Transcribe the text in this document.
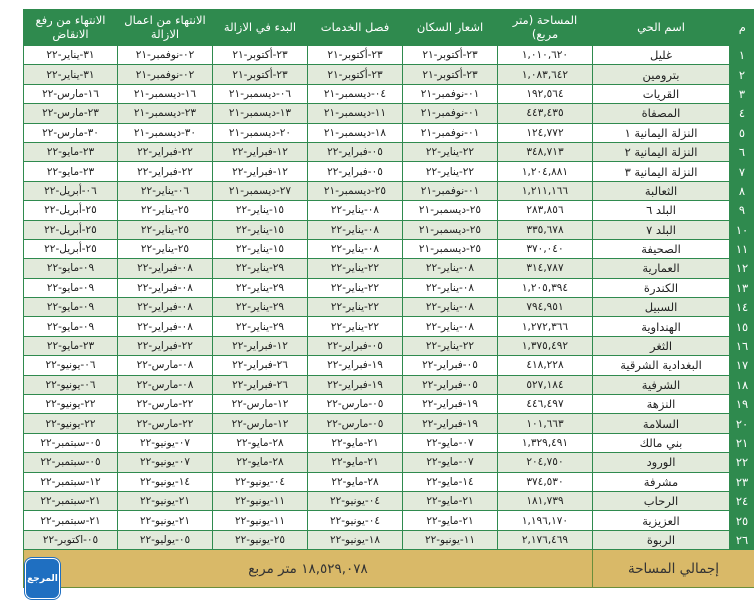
م	اسم الحي	المساحة (متر مربع)	اشعار السكان	فصل الخدمات	البدء في الازالة	الانتهاء من اعمال الازالة	الانتهاء من رفع الانقاض
١	غليل	١,٠١٠,٦٢٠	٢٣-أكتوبر-٢١	٢٣-أكتوبر-٢١	٢٣-أكتوبر-٢١	٠٢-نوفمبر-٢١	٣١-يناير-٢٢
٢	بترومين	١,٠٨٣,٦٤٢	٢٣-أكتوبر-٢١	٢٣-أكتوبر-٢١	٢٣-أكتوبر-٢١	٠٢-نوفمبر-٢١	٣١-يناير-٢٢
٣	القريات	١٩٢,٥٦٤	٠١-نوفمبر-٢١	٠٤-ديسمبر-٢١	٠٦-ديسمبر-٢١	١٦-ديسمبر-٢١	١٦-مارس-٢٢
٤	المصفاة	٤٤٣,٤٣٥	٠١-نوفمبر-٢١	١١-ديسمبر-٢١	١٣-ديسمبر-٢١	٢٣-ديسمبر-٢١	٢٣-مارس-٢٢
٥	النزلة اليمانية ١	١٢٤,٧٧٢	٠١-نوفمبر-٢١	١٨-ديسمبر-٢١	٢٠-ديسمبر-٢١	٣٠-ديسمبر-٢١	٣٠-مارس-٢٢
٦	النزلة اليمانية ٢	٣٤٨,٧١٣	٢٢-يناير-٢٢	٠٥-فبراير-٢٢	١٢-فبراير-٢٢	٢٢-فبراير-٢٢	٢٣-مايو-٢٢
٧	النزلة اليمانية ٣	١,٢٠٤,٨٨١	٢٢-يناير-٢٢	٠٥-فبراير-٢٢	١٢-فبراير-٢٢	٢٢-فبراير-٢٢	٢٣-مايو-٢٢
٨	الثعالبة	١,٢١١,١٦٦	٠١-نوفمبر-٢١	٢٥-ديسمبر-٢١	٢٧-ديسمبر-٢١	٠٦-يناير-٢٢	٠٦-أبريل-٢٢
٩	البلد ٦	٢٨٣,٨٥٦	٢٥-ديسمبر-٢١	٠٨-يناير-٢٢	١٥-يناير-٢٢	٢٥-يناير-٢٢	٢٥-أبريل-٢٢
١٠	البلد ٧	٣٣٥,٦٧٨	٢٥-ديسمبر-٢١	٠٨-يناير-٢٢	١٥-يناير-٢٢	٢٥-يناير-٢٢	٢٥-أبريل-٢٢
١١	الصحيفة	٣٧٠,٠٤٠	٢٥-ديسمبر-٢١	٠٨-يناير-٢٢	١٥-يناير-٢٢	٢٥-يناير-٢٢	٢٥-أبريل-٢٢
١٢	العمارية	٣١٤,٧٨٧	٠٨-يناير-٢٢	٢٢-يناير-٢٢	٢٩-يناير-٢٢	٠٨-فبراير-٢٢	٠٩-مايو-٢٢
١٣	الكندرة	١,٢٠٥,٣٩٤	٠٨-يناير-٢٢	٢٢-يناير-٢٢	٢٩-يناير-٢٢	٠٨-فبراير-٢٢	٠٩-مايو-٢٢
١٤	السبيل	٧٩٤,٩٥١	٠٨-يناير-٢٢	٢٢-يناير-٢٢	٢٩-يناير-٢٢	٠٨-فبراير-٢٢	٠٩-مايو-٢٢
١٥	الهنداوية	١,٢٧٢,٣٦٦	٠٨-يناير-٢٢	٢٢-يناير-٢٢	٢٩-يناير-٢٢	٠٨-فبراير-٢٢	٠٩-مايو-٢٢
١٦	الثغر	١,٣٧٥,٤٩٢	٢٢-يناير-٢٢	٠٥-فبراير-٢٢	١٢-فبراير-٢٢	٢٢-فبراير-٢٢	٢٣-مايو-٢٢
١٧	البغدادية الشرقية	٤١٨,٢٢٨	٠٥-فبراير-٢٢	١٩-فبراير-٢٢	٢٦-فبراير-٢٢	٠٨-مارس-٢٢	٠٦-يونيو-٢٢
١٨	الشرفية	٥٢٧,١٨٤	٠٥-فبراير-٢٢	١٩-فبراير-٢٢	٢٦-فبراير-٢٢	٠٨-مارس-٢٢	٠٦-يونيو-٢٢
١٩	النزهة	٤٤٦,٤٩٧	١٩-فبراير-٢٢	٠٥-مارس-٢٢	١٢-مارس-٢٢	٢٢-مارس-٢٢	٢٢-يونيو-٢٢
٢٠	السلامة	١٠١,٦٦٣	١٩-فبراير-٢٢	٠٥-مارس-٢٢	١٢-مارس-٢٢	٢٢-مارس-٢٢	٢٢-يونيو-٢٢
٢١	بني مالك	١,٣٢٩,٤٩١	٠٧-مايو-٢٢	٢١-مايو-٢٢	٢٨-مايو-٢٢	٠٧-يونيو-٢٢	٠٥-سبتمبر-٢٢
٢٢	الورود	٢٠٤,٧٥٠	٠٧-مايو-٢٢	٢١-مايو-٢٢	٢٨-مايو-٢٢	٠٧-يونيو-٢٢	٠٥-سبتمبر-٢٢
٢٣	مشرفة	٣٧٤,٥٣٠	١٤-مايو-٢٢	٢٨-مايو-٢٢	٠٤-يونيو-٢٢	١٤-يونيو-٢٢	١٢-سبتمبر-٢٢
٢٤	الرحاب	١٨١,٧٣٩	٢١-مايو-٢٢	٠٤-يونيو-٢٢	١١-يونيو-٢٢	٢١-يونيو-٢٢	٢١-سبتمبر-٢٢
٢٥	العزيزية	١,١٩٦,١٧٠	٢١-مايو-٢٢	٠٤-يونيو-٢٢	١١-يونيو-٢٢	٢١-يونيو-٢٢	٢١-سبتمبر-٢٢
٢٦	الربوة	٢,١٧٦,٤٦٩	١١-يونيو-٢٢	١٨-يونيو-٢٢	٢٥-يونيو-٢٢	٠٥-يوليو-٢٢	٠٥-اكتوبر-٢٢
إجمالي المساحة		١٨,٥٢٩,٠٧٨ متر مربع					
المرجع
